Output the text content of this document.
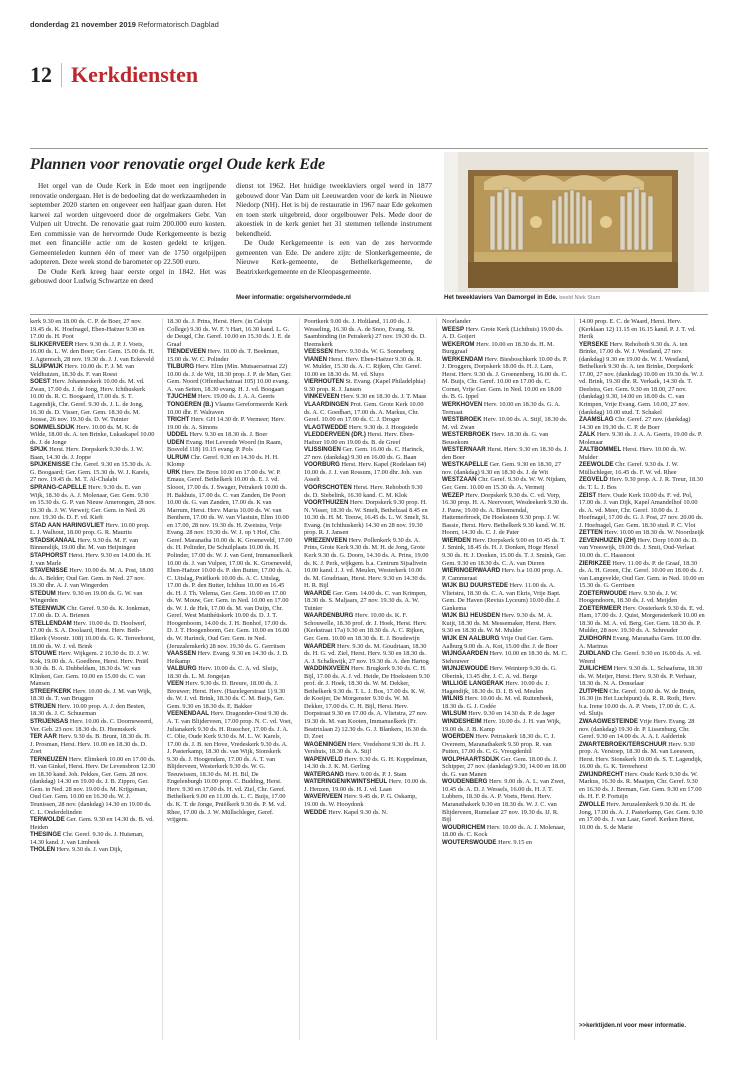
donderdag 21 november 2019 Reformatorisch Dagblad
12 Kerkdiensten
Plannen voor renovatie orgel Oude kerk Ede

Het orgel van de Oude Kerk in Ede moet een ingrijpende renovatie ondergaan. Het is de bedoeling dat de werkzaamheden in september 2020 starten en ongeveer een halfjaar gaan duren. Het karwei zal worden uitgevoerd door de orgelmakers Gebr. Van Vulpen uit Utrecht. De renovatie gaat ruim 200.000 euro kosten. Een commissie van de hervormde Oude Kerkgemeente is bezig met een financiële actie om de kosten gedekt te krijgen. Gemeenteleden kunnen één of meer van de 1750 orgelpijpen adopteren. Deze week stond de barometer op 22.500 euro.

De Oude Kerk kreeg haar eerste orgel in 1842. Het was gebouwd door Ludwig Schwartze en deed

dienst tot 1962. Het huidige tweeklaviers orgel werd in 1877 gebouwd door Van Dam uit Leeuwarden voor de kerk in Nieuwe Niedorp (NH). Het is bij de restauratie in 1967 naar Ede gekomen en toen sterk uitgebreid, door orgelbouwer Pels. Mede door de akoestiek in de kerk geniet het 31 stemmen tellende instrument bekendheid.

De Oude Kerkgemeente is een van de zes hervormde gemeenten van Ede. De andere zijn: de Slonkerkgemeente, de Nieuwe Kerk-gemeente, de Bethelkerkgemeente, de Beatrixkerkgemeente en de Kleopasgemeente.

Meer informatie: orgelshervormdede.nl	Het tweeklaviers Van Damorgel in Ede. beeld Niek Stam

kerk 9.30 en 18.00 ds. C. P. de Boer, 27 nov. 19.45 ds. K. Hoefnagel, Eben-Haëzer 9.30 en 17.00 ds. H. Poot

SLIKKERVEER Herv. 9.30 ds. J. P. J. Voets, 16.00 ds. L. W. den Boer; Ger. Gem. 15.00 ds. H. J. Agteresch, 28 nov. 19.30 ds. J. J. van Eckeveld

SLUIPWIJK Herv. 10.00 ds. F. J. M. van Veldhuizen, 18.30 ds. F. van Roest

SOEST Herv. Johanneskerk 10.00 ds. M. vd. Zwan, 17.00 ds. J. de Jong, Herv. Ichthuskerk 10.00 ds. R. C. Boogaard, 17.00 ds. S. T. Lagendijk, Chr. Geref. 9.30 ds. J. L. de Jong, 16.30 ds. D. Visser, Ger. Gem. 18.30 ds. M. Joosse, 26 nov. 19.30 ds. D. W. Tuinier

SOMMELSDIJK Herv. 10.00 ds. M. K. de Wilde, 18.00 ds. A. ten Brinke, Lukaskapel 10.00 ds. J. de Jonge

SPIJK Herst. Herv. Dorpskerk 9.30 ds. J. W. Baan, 14.30 ds. J. Joppe

SPIJKENISSE Chr. Geref. 9.30 en 15.30 ds. A. G. Boogaard; Ger. Gem. 15.30 ds. W. J. Karels, 27 nov. 19.45 ds. M. T. Al-Chalabi

SPRANG-CAPELLE Herv. 9.30 ds. E. van Wijk, 18.30 ds. A. J. Molenaar, Ger. Gem. 9.30 en 15.30 ds. G. P. van Nieuw Amerongen, 28 nov. 19.30 ds. J. W. Verweij; Ger. Gem. in Ned. 26 nov. 19.30 ds. D. F. vd. Kieft

STAD AAN HARINGVLIET Herv. 10.00 prop. L. J. Walhout, 18.00 prop. G. R. Maurits

STADSKANAAL Herv. 9.30 ds. M. F. van Binnendijk, 19.00 dhr. M. van Heijningen

STAPHORST Herst. Herv. 9.30 en 14.00 ds. H. J. van Marle

STAVENISSE Herv. 10.00 ds. M. A. Post, 18.00 ds. A. Belder; Oud Ger. Gem. in Ned. 27 nov. 19.30 dhr. A. J. van Wingerden

STEDUM Herv. 9.30 en 19.00 ds. G. W. van Wingerden

STEENWIJK Chr. Geref. 9.30 ds. K. Jonkman, 17.00 ds. D. A. Brienen

STELLENDAM Herv. 10.00 ds. D. Hoolwerf, 17.00 ds. S. A. Doolaard, Herst. Herv. Beth-Elkerk (Voorstr. 108) 10.00 ds. G. K. Terreehorst, 18.00 ds. W. J. vd. Brink

STOUWE Herv. Wijkgem. 2 10.30 ds. D. J. W. Kok, 19.00 ds. A. Goedbree, Herst. Herv. Pniël 9.30 ds. B. A. Dubbeldam, 18.30 ds. W. van Klinken, Ger. Gem. 10.00 en 15.00 ds. C. van Mansen

STREEFKERK Herv. 10.00 ds. J. M. van Wijk, 18.30 ds. T. van Bruggen

STRIJEN Herv. 10.00 prop. A. J. den Besten, 18.30 ds. J. C. Schuurman

STRIJENSAS Herv. 10.00 ds. C. Doorneweerd, Ver. Geb. 23 nov. 18.30 ds. D. Heemskerk

TER AAR Herv. 9.30 ds. B. Brunt, 18.30 ds. H. J. Prosman, Herst. Herv. 10.00 en 18.30 ds. D. Zoet

TERNEUZEN Herv. Elimkerk 10.00 en 17.00 ds. H. van Ginkel, Herst. Herv. De Levensbron 12.30 en 18.30 kand. Joh. Pekkes, Ger. Gem. 28 nov. (dankdag) 14.30 en 19.00 ds. J. B. Zippro, Ger. Gem. in Ned. 28 nov. 19.00 ds. M. Krijgsman, Oud Ger. Gem. 10.00 en 16.30 ds. W. J. Teunissen, 28 nov. (dankdag) 14.30 en 19.00 ds. C. L. Onderdelinden

TERWOLDE Ger. Gem. 9.30 en 14.30 ds. B. vd. Heiden

THESINGE Chr. Geref. 9.30 ds. J. Huisman, 14.30 kand. J. van Limbeek

THOLEN Herv. 9.30 ds. J. van Dijk,

18.30 ds. J. Prins, Herst. Herv. (in Calvijn College) 9.30 ds. W. F. 't Hart, 16.30 kand. L. G. de Deugd, Chr. Geref. 10.00 en 15.30 ds. J. E. de Graaf

TIENDEVEEN Herv. 10.00 ds. T. Beekman, 15.00 ds. W. C. Polinder

TILBURG Herv. Elim (Min. Mutsaersstraat 22) 10.00 ds. J. de Wit, 18.30 prop. J. P. de Man, Ger. Gem. Noord (Offenbachstraat 105) 10.00 evang. A. van Setten, 18.30 evang. H. J. vd. Boogaart

TJUCHEM Herv. 19.00 ds. J. A. A. Geerts

TONGEREN (B.) Vlaams Gereformeerde Kerk 10.00 dhr. F. Walraven

TRICHT Herv. GH 14.30 dr. P. Vermeer; Herv. 19.00 ds. A. Simons

UDDEL Herv. 9.30 en 18.30 ds. J. Boer

UDEN Evang. Het Levende Woord (in Raam, Bosveld 118) 10.15 evang. P. Pols

ULRUM Chr. Geref. 9.30 en 14.30 ds. H. H. Klomp

URK Herv. De Bron 10.00 en 17.00 ds. W. P. Emaus, Geref. Bethelkerk 10.00 ds. E. J. vd. Slooot, 17.00 ds. J. Swager, Petrakerk 10.00 ds. H. Bakhuis, 17.00 ds. C. van Zanden, De Poort 10.00 ds. G. van Zanden, 17.00 ds. K van Marrum, Herst. Herv. Maria 10.00 ds. W. van Benthem, 17.00 ds. W. van Vlastuin, Elim 10.00 en 17.00, 28 nov. 19.30 ds. H. Zweistra, Vrije Evang. 28 nov. 19.30 ds. W. J. op 't Hof, Chr. Geref. Maranatha 10.00 ds. K. Groeneveld, 17.00 ds. H. Polinder, De Schuilplaats 10.00 ds. H. Polinder, 17.00 ds. W. J. van Gent, Immanuelkerk 10.00 ds. J. van Vulpen, 17.00 ds. K. Groeneveld, Eben-Haëzer 10.00 ds. P. den Butter, 17.00 ds. A. C. Uitslag, Pniëlkerk 10.00 ds. A. C. Uitslag, 17.00 ds. P. den Butter, Ichthus 10.00 en 16.45 ds. H. J. Th. Velema, Ger. Gem. 10.00 en 17.00 ds. W. Mouw, Ger. Gem. in Ned. 10.00 en 17.00 ds. W. J. de Hek, 17.00 ds. M. van Duijn, Chr. Geref. West Matthéüskerk 10.00 ds. D. J. T. Hoogenboom, 14.00 ds. J. H. Bonhof, 17.00 ds. D. J. T. Hoogenboom, Ger. Gem. 10.00 en 16.00 ds. W. Harinck, Oud Ger. Gem. in Ned. (Jeruzalemkerk) 28 nov. 19.30 ds. G. Gerritsen

VAASSEN Herv. Evang. 9.30 en 14.30 ds. J. D. Heikamp

VALBURG Herv. 10.00 ds. C. A. vd. Sluijs, 18.30 ds. L. M. Jongejan

VEEN Herv. 9.30 ds. D. Breure, 18.00 ds. J. Brouwer; Herst. Herv. (Hazelegerstraat 1) 9.30 ds. W. J. vd. Brink, 18.30 ds. C. M. Buijs, Ger. Gem. 9.30 en 18.30 ds. E. Bakker

VEENENDAAL Herv. Dragonder-Oost 9.30 ds. A. T. van Blijderveen, 17.00 prop. N. C. vd. Voet, Julianakerk 9.30 ds. H. Russcher, 17.00 ds. J. A. C. Olie, Oude Kerk 9.30 ds. M. L. W. Karels, 17.00 ds. J. B. ten Hove, Vredeskerk 9.30 ds. A. J. Pasterkamp, 18.30 ds. van Wijk, Sionskerk 9.30 ds. J. Hoogendam, 17.00 ds. A. T. van Blijderveen, Westerkerk 9.30 ds. W. G. Teeuwissen, 18.30 ds. M. H. Bil, De Engelenburgh 10.00 prop. C. Budding, Herst. Herv. 9.30 en 17.00 ds. H. vd. Ziel, Chr. Geref. Bethelkerk 9.00 en 11.00 ds. L. C. Buijs, 17.00 ds. K. T. de Jonge, Pniëlkerk 9.30 ds. P. M. v.d. Rhee, 17.00 ds. J. W. Müllschleger, Geref. vrijgem.

Poortkerk 9.00 ds. J. Holtland, 11.00 ds. J. Wesseling, 16.30 ds. A. de Snoo, Evang. St. Saambinding (in Petrakerk) 27 nov. 19.30 ds. D. Heemskerk

VEESSEN Herv. 9.30 ds. W. G. Sonneberg

VIANEN Herst. Herv. Eben-Haëzer 9.30 ds. R. W. Mulder, 15.30 ds. A. C. Rijken, Chr. Geref. 10.00 en 18.30 ds. M. vd. Sluys

VIERHOUTEN St. Evang. (Kapel Philadelphia) 9.30 prop. R. J. Jansen

VINKEVEEN Herv. 9.30 en 18.30 ds. J. T. Maas

VLAARDINGEN Prot. Gem. Grote Kerk 10.00 ds. A. C. Goedhart, 17.00 ds. A. Markus, Chr. Geref. 10.00 en 17.00 ds. C. J. Droger

VLAGTWEDDE Herv. 9.30 ds. J. Hoogstede

VLEDDERVEEN (DR.) Herst. Herv. Eben-Haëzer 10.00 en 19.00 ds. B. de Greef

VLISSINGEN Ger. Gem. 16.00 ds. C. Harinck, 27 nov. (dankdag) 9.30 en 16.00 ds. G. Baan

VOORBURG Herst. Herv. Kapel (Rodelaan 64) 10.00 ds. J. J. van Rossum, 17.00 dhr. Joh. van Asselt

VOORSCHOTEN Herst. Herv. Rehoboth 9.30 ds. D. Siebelink, 16.30 kand. C. M. Klok

VOORTHUIZEN Herv. Dorpskerk 9.30 prop. H. N. Visser, 18.30 ds. W. Smelt, Bethelzaal 8.45 en 10.30 ds. H. M. Teeuw, 16.45 ds. L. W. Smelt, St. Evang. (in Ichthuskerk) 14.30 en 28 nov. 19.30 prop. R. J. Jansen

VRIEZENVEEN Herv. Pollenkerk 9.30 ds. A. Prins, Grote Kerk 9.30 ds. M. H. de Jong, Grote Kerk 9.30 ds. G. Doorn, 14.30 ds. A. Prins, 19.00 ds. K. J. Perk, wijkgem. b.a. Centrum Sijsalivein 10.00 kand. J. J. vd. Meulen, Westerkerk 10.00 ds. M. Goudriaan, Herst. Herv. 9.30 en 14.30 ds. H. R. Bijl

WAARDE Ger. Gem. 14.00 ds. C. van Krimpen, 18.30 ds. S. Maljaars, 27 nov. 19.30 ds. A. W. Tuinier

WAARDENBURG Herv. 10.00 ds. K. F. Schouwelle, 18.30 prof. dr. J. Hoek, Herst. Herv. (Kerkstraat 17a) 9.30 en 18.30 ds. A. C. Rijken, Ger. Gem. 10.00 en 18.30 ds. E. J. Boudewijn

WAARDER Herv. 9.30 ds. M. Goudriaan, 18.30 ds. H. G. vd. Ziel, Herst. Herv. 9.30 en 18.30 ds. A. J. Schalkwijk, 27 nov. 19.30 ds. A. den Hartog

WADDINXVEEN Herv. Brugkerk 9.30 ds. C. H. Bijl, 17.00 ds. A. J. vd. Heide, De Hoeksteen 9.30 prof. dr. J. Hoek, 18.30 ds. W. M. Dekker, Bethelkerk 9.30 ds. T. L. J. Bos, 17.00 ds. K. W. de Koeijer, De Morgenster 9.30 ds. W. M. Dekker, 17.00 ds. C. H. Bijl, Herst. Herv. Dorpstraat 9.30 en 17.00 ds. A. Vlietstra, 27 nov. 19.30 ds. M. van Kooten, Immanuelkerk (Fr. Beatrixlaan 2) 12.30 ds. G. J. Blankers, 16.30 ds. D. Zoet

WAGENINGEN Herv. Vredehorst 9.30 ds. H. J. Vershuis, 18.30 ds. A. Stijf

WAPENVELD Herv. 9.30 ds. G. H. Koppelman, 14.30 ds. J. K. M. Gerling

WATERGANG Herv. 9.00 ds. P. J. Stam

WATERINGEN/KWINTSHEUL Herv. 10.00 ds. J. Henzen, 19.00 ds. H. J. vd. Laan

WAVERVEEN Herv. 9.45 ds. P. G. Oskamp, 19.00 ds. W. Hooydonk

WEDDE Herv. Kapel 9.30 ds. N.

Noorlander

WEESP Herv. Grote Kerk (Lichthuis) 19.00 ds. A. D. Goijert

WEKEROM Herv. 10.00 en 18.30 ds. H. M. Burggraaf

WERKENDAM Herv. Biesboschkerk 10.00 ds. P. J. Droggers, Dorpskerk 18.00 ds. H. J. Lam, Herst. Herv. 9.30 ds. J. Groenenberg, 16.00 ds. C. M. Buijs, Chr. Geref. 10.00 en 17.00 ds. C. Cornet, Vrije Ger. Gem. in Ned. 10.00 en 18.00 ds. B. G. Ippel

WERKHOVEN Herv. 10.00 en 18.30 ds. G. A. Termaat

WESTBROEK Herv. 10.00 ds. A. Stijf, 18.30 ds. M. vd. Zwan

WESTERBROEK Herv. 18.30 ds. G. van Beusekom

WESTERNAAR Herst. Herv. 9.30 en 18.30 ds. J. den Boer

WESTKAPELLE Ger. Gem. 9.30 en 18.30, 27 nov. (dankdag) 9.30 en 18.30 ds. J. de Wit

WESTZAAN Chr. Geref. 9.30 ds. W. W. Nijdam, Ger. Gem. 10.00 en 15.30 ds. A. Vermeij

WEZEP Herv. Dorpskerk 9.30 ds. C. vd. Vorp, 16.30 prop. H. A. Neervoort, Wesdeekerk 9.30 ds. J. Pauw, 19.00 ds. A. Bloemendal, Hattemerbroek, De Hoeksteen 9.30 prop. J. W. Bassie, Herst. Herv. Bethelkerk 9.30 kand. W. H. Hoorn, 14.30 ds. C. J. de Pater

WIERDEN Herv. Dorpskerk 9.00 en 10.45 ds. T. J. Smink, 18.45 ds. H. J. Donken, Hoge Hexel 9.30 ds. H. J. Donken, 15.00 ds. T. J. Smink, Ger. Gem. 9.30 en 18.30 ds. C. A. van Dieren

WIERINGERWAARD Herv. b.a 10.00 prop. A. P. Cammeraat

WIJK BIJ DUURSTEDE Herv. 11.00 ds. A. Vlietstra, 18.30 ds. C. A. van Ekris, Vrije Bapt. Gem. De Haven (Revius Lyceum) 10.00 dhr. J. Gankema

WIJK BIJ HEUSDEN Herv. 9.30 ds. M. A. Kuijt, 18.30 ds. M. Messemaker, Herst. Herv. 9.30 en 18.30 ds. W. M. Mulder

WIJK EN AALBURG Vrije Oud Ger. Gem. Aalburg 9.00 ds. A. Kot, 15.00 dhr. J. de Boer

WIJNGAARDEN Herv. 10.00 en 18.30 ds. M. C. Stehouwer

WIJNJEWOUDE Herv. Weinterp 9.30 ds. G. Oberink, 13.45 dhr. J. C. A. vd. Berge

WILLIGE LANGERAK Herv. 10.00 ds. J. Hagendijk, 18.30 ds. D. I. B vd. Meulen

WILNIS Herv. 10.00 ds. M. vd. Ruitenbeek, 18.30 ds. G. J. Codée

WILSUM Herv. 9.30 en 14.30 ds. P. de Jager

WINDESHEIM Herv. 10.00 ds. J. H. van Wijk, 19.00 ds. J. B. Kamp

WOERDEN Herv. Petruskerk 18.30 ds. C. J. Overeem, Maranathakerk 9.30 prop. R. van Putten, 17.00 ds. C. G. Vreugdenhil

WOLPHAARTSDIJK Ger. Gem. 18.00 ds. J. Schipper, 27 nov. (dankdag) 9.30, 14.00 en 18.00 ds. G. van Manen

WOUDENBERG Herv. 9.00 ds. A. L. van Zwet, 10.45 ds. A. D. J. Wessels, 16.00 ds. H. J. T. Lubbers, 18.30 ds. A. P. Voets, Herst. Herv. Maranathakerk 9.30 en 18.30 ds. W. J. C. van Blijderveen, Rumelaar 27 nov. 19.30 ds. IJ. R. Bijl

WOUDRICHEM Herv. 10.00 ds. A. J. Molenaar, 18.00 ds. C. Kock

WOUTERSWOUDE Herv. 9.15 en

14.00 prop. E. C. de Waard, Herst. Herv. (Kerklaan 12) 11.15 en 16.15 kand. P. J. T. vd. Herik

YERSEKE Herv. Rehoboth 9.30 ds. A. ten Brinke, 17.00 ds. W. J. Westland, 27 nov. (dankdag) 9.30 en 19.00 ds. W. J. Westland, Bethelkerk 9.30 ds. A. ten Brinke, Dorpskerk 17.00, 27 nov. (dankdag) 10.00 en 19.30 ds. W. J. vd. Brink, 19.30 dhr. R. Verkaik, 14.30 ds. T. Deelstra, Ger. Gem. 9.30 en 18.00, 27 nov. (dankdag) 9.30, 14.00 en 18.00 ds. C. van Krimpen, Vrije Evang. Gem. 10.00, 27 nov. (dankdag) 10.00 stud. T. Schakel

ZAAMSLAG Chr. Geref. 27 nov. (dankdag) 14.30 en 19.30 ds. C. P. de Boer

ZALK Herv. 9.30 ds. J. A. A. Geerts, 19.00 ds. P. Molenaar

ZALTBOMMEL Herst. Herv. 10.00 ds. W. Mulder

ZEEWOLDE Chr. Geref. 9.30 ds. J. W. Müllschleger, 16.45 ds. F. W. vd. Rhee

ZEGVELD Herv. 9.30 prop. A. J. R. Treur, 18.30 ds. T. L. J. Bos

ZEIST Herv. Oude Kerk 10.00 ds. F. vd. Pol, 17.00 ds. J. van Dijk, Kapel Amandelhof 10.00 ds. A. vd. Meer, Chr. Geref. 10.00 ds. J. Hoefnagel, 17.00 ds. G. J. Post, 27 nov. 20.00 ds. J. Hoefnagel, Ger. Gem. 18.30 stud. P. C. Vlot

ZETTEN Herv. 10.00 en 18.30 ds. W. Noordzeijk

ZEVENHUIZEN (ZH) Herv. Dorp 10.00 ds. D. van Vreeswijk, 19.00 ds. J. Smit, Oud-Verlaat 10.00 ds. C. Haasnoot

ZIERIKZEE Herv. 11.00 ds. P. de Graaf, 18.30 ds. A. H. Groen, Chr. Geref. 10.00 en 18.00 ds. J. van Langevelde, Oud Ger. Gem. in Ned. 10.00 en 15.30 ds. G. Gerritsen

ZOETERWOUDE Herv. 9.30 ds. J. W. Hoogendoorn, 18.30 ds. J. vd. Meijden

ZOETERMEER Herv. Oosterkerk 9.30 ds. E. vd. Ham, 17.00 ds. J. Quist, Morgensterkerk 10.00 en 18.30 ds. M. A. vd. Berg, Ger. Gem. 18.30 ds. P. Mulder, 28 nov. 19.30 ds. A. Schreuder

ZUIDHORN Evang. Maranatha Gem. 10.00 dhr. A. Marinus

ZUIDLAND Chr. Geref. 9.30 en 16.00 ds. A. vd. Weerd

ZUILICHEM Herv. 9.30 ds. L. Schaafsma, 18.30 ds. W. Meijer, Herst. Herv. 9.30 ds. P. Verhaar, 18.30 ds. N. A. Donselaar

ZUTPHEN Chr. Geref. 10.00 ds. W. de Bruin, 16.30 (in Het Luchtpunt) ds. R. R. Roth, Herv. b.a. Irene 10.00 ds. A. P. Voets, 17.00 dr. C. A. vd. Sluijs

ZWAAGWESTEINDE Vrije Herv. Evang. 28 nov. (dankdag) 19.30 dr. P. Lissenburg, Chr. Geref. 9.30 en 14.00 ds. A. A. I. Aalderink

ZWARTEBROEK/TERSCHUUR Herv. 9.30 prop. A. Verstoep, 18.30 ds. M. van Leeuwen, Herst. Herv. Sionskerk 10.00 ds. S. T. Lagendijk, 16.00 ds. G. K. Terreehorst

ZWIJNDRECHT Herv. Oude Kerk 9.30 ds. W. Markus, 16.30 ds. R. Maaijen, Chr. Geref. 9.30 en 16.30 ds. J. Breman, Ger. Gem. 9.30 en 17.00 ds. H. F. P. Fortuijn

ZWOLLE Herv. Jeruzalemkerk 9.30 ds. H. de Jong, 17.00 ds. A. J. Pasterkamp, Ger. Gem. 9.30 en 17.00 ds. J. van Laar, Geref. Kerken Herst. 10.00 ds. S. de Marie

>>kerktijden.nl voor meer informatie.
